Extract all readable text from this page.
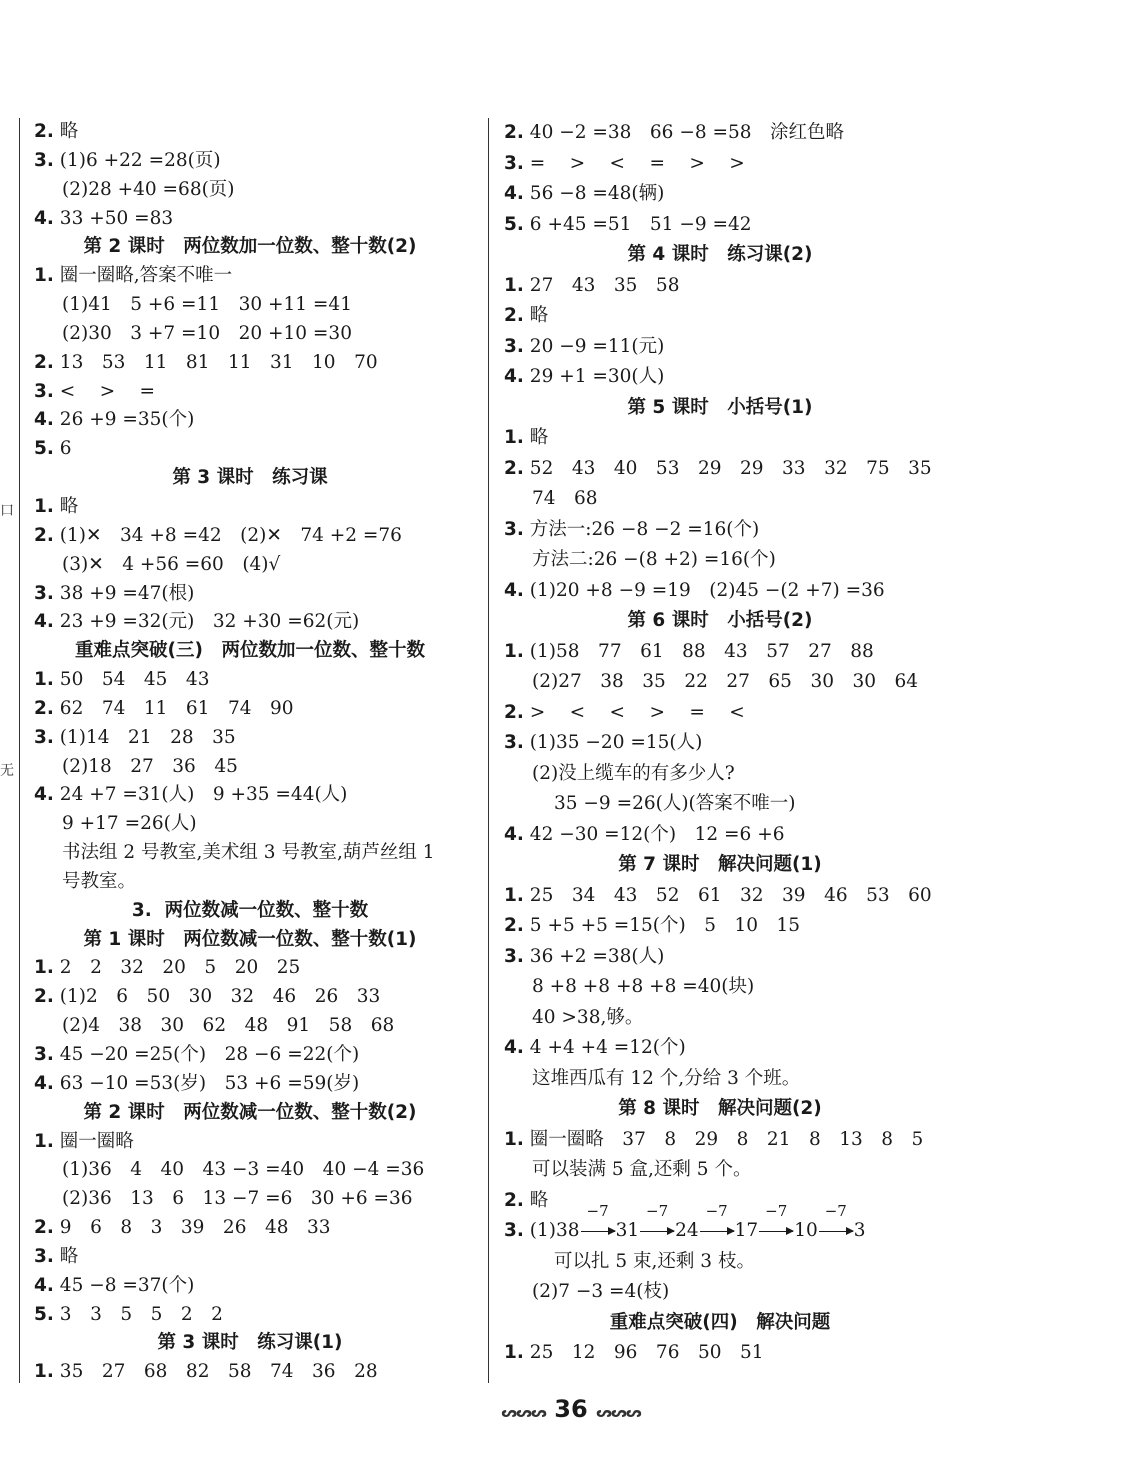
口
无
2. 略
3. (1)6 +22 =28(页)
(2)28 +40 =68(页)
4. 33 +50 =83
第 2 课时　两位数加一位数、整十数(2)
1. 圈一圈略,答案不唯一
(1)41　5 +6 =11　30 +11 =41
(2)30　3 +7 =10　20 +10 =30
2. 13　53　11　81　11　31　10　70
3. <　 >　 =
4. 26 +9 =35(个)
5. 6
第 3 课时　练习课
1. 略
2. (1)✕　34 +8 =42　(2)✕　74 +2 =76
(3)✕　4 +56 =60　(4)√
3. 38 +9 =47(根)
4. 23 +9 =32(元)　32 +30 =62(元)
重难点突破(三)　两位数加一位数、整十数
1. 50　54　45　43
2. 62　74　11　61　74　90
3. (1)14　21　28　35
(2)18　27　36　45
4. 24 +7 =31(人)　9 +35 =44(人)
9 +17 =26(人)
书法组 2 号教室,美术组 3 号教室,葫芦丝组 1
号教室。
3.  两位数减一位数、整十数
第 1 课时　两位数减一位数、整十数(1)
1. 2　2　32　20　5　20　25
2. (1)2　6　50　30　32　46　26　33
(2)4　38　30　62　48　91　58　68
3. 45 −20 =25(个)　28 −6 =22(个)
4. 63 −10 =53(岁)　53 +6 =59(岁)
第 2 课时　两位数减一位数、整十数(2)
1. 圈一圈略
(1)36　4　40　43 −3 =40　40 −4 =36
(2)36　13　6　13 −7 =6　30 +6 =36
2. 9　6　8　3　39　26　48　33
3. 略
4. 45 −8 =37(个)
5. 3　3　5　5　2　2
第 3 课时　练习课(1)
1. 35　27　68　82　58　74　36　28
2. 40 −2 =38　66 −8 =58　涂红色略
3. =　 >　 <　 =　 >　 >
4. 56 −8 =48(辆)
5. 6 +45 =51　51 −9 =42
第 4 课时　练习课(2)
1. 27　43　35　58
2. 略
3. 20 −9 =11(元)
4. 29 +1 =30(人)
第 5 课时　小括号(1)
1. 略
2. 52　43　40　53　29　29　33　32　75　35
74　68
3. 方法一:26 −8 −2 =16(个)
方法二:26 −(8 +2) =16(个)
4. (1)20 +8 −9 =19　(2)45 −(2 +7) =36
第 6 课时　小括号(2)
1. (1)58　77　61　88　43　57　27　88
(2)27　38　35　22　27　65　30　30　64
2. >　 <　 <　 >　 =　 <
3. (1)35 −20 =15(人)
(2)没上缆车的有多少人?
35 −9 =26(人)(答案不唯一)
4. 42 −30 =12(个)　12 =6 +6
第 7 课时　解决问题(1)
1. 25　34　43　52　61　32　39　46　53　60
2. 5 +5 +5 =15(个)　5　10　15
3. 36 +2 =38(人)
8 +8 +8 +8 +8 =40(块)
40 >38,够。
4. 4 +4 +4 =12(个)
这堆西瓜有 12 个,分给 3 个班。
第 8 课时　解决问题(2)
1. 圈一圈略　37　8　29　8　21　8　13　8　5
可以装满 5 盒,还剩 5 个。
2. 略
3. (1)38
−7
31
−7
24
−7
17
−7
10
−7
3
可以扎 5 束,还剩 3 枝。
(2)7 −3 =4(枝)
重难点突破(四)　解决问题
1. 25　12　96　76　50　51
ᔕᔕᔕ 36 ᔕᔕᔕ
